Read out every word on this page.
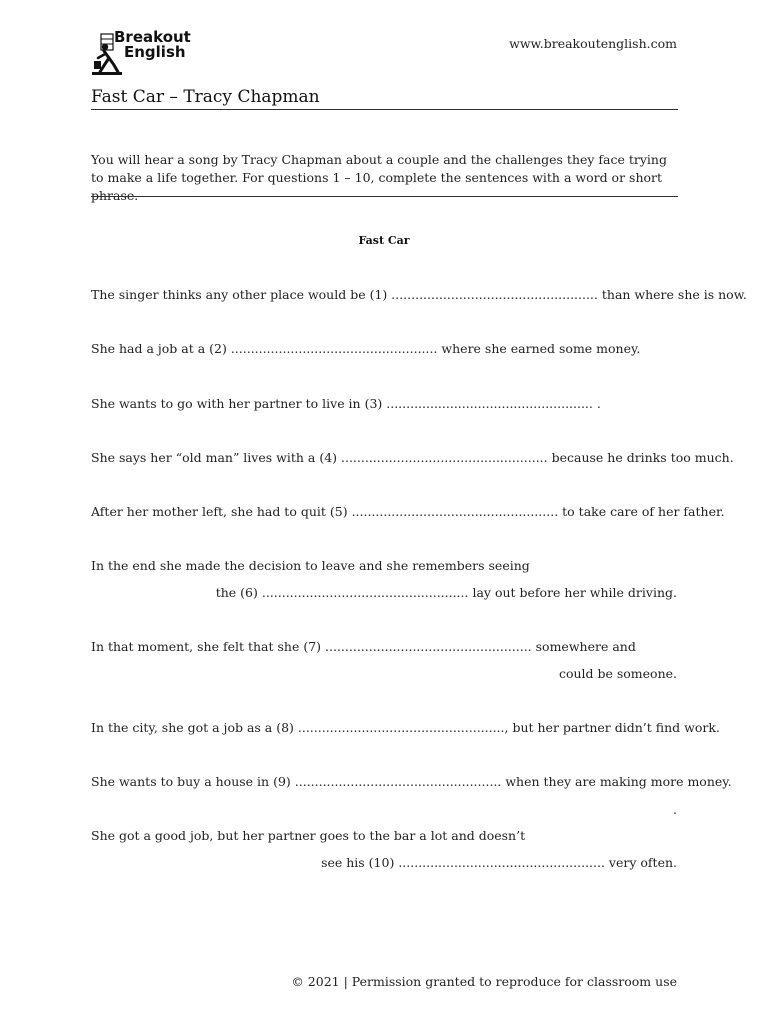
Breakout
English	www.breakoutenglish.com
Fast Car – Tracy Chapman
You will hear a song by Tracy Chapman about a couple and the challenges they face trying to make a life together. For questions 1 – 10, complete the sentences with a word or short phrase.
Fast Car
The singer thinks any other place would be (1) .................................................... than where she is now.
She had a job at a (2) .................................................... where she earned some money.
She wants to go with her partner to live in (3) .................................................... .
She says her “old man” lives with a (4) .................................................... because he drinks too much.
After her mother left, she had to quit (5) .................................................... to take care of her father.
In the end she made the decision to leave and she remembers seeing
the (6) .................................................... lay out before her while driving.
In that moment, she felt that she (7) .................................................... somewhere and
could be someone.
In the city, she got a job as a (8) ...................................................., but her partner didn’t find work.
She wants to buy a house in (9) .................................................... when they are making more money.
.
She got a good job, but her partner goes to the bar a lot and doesn’t
see his (10) .................................................... very often.
© 2021 | Permission granted to reproduce for classroom use
